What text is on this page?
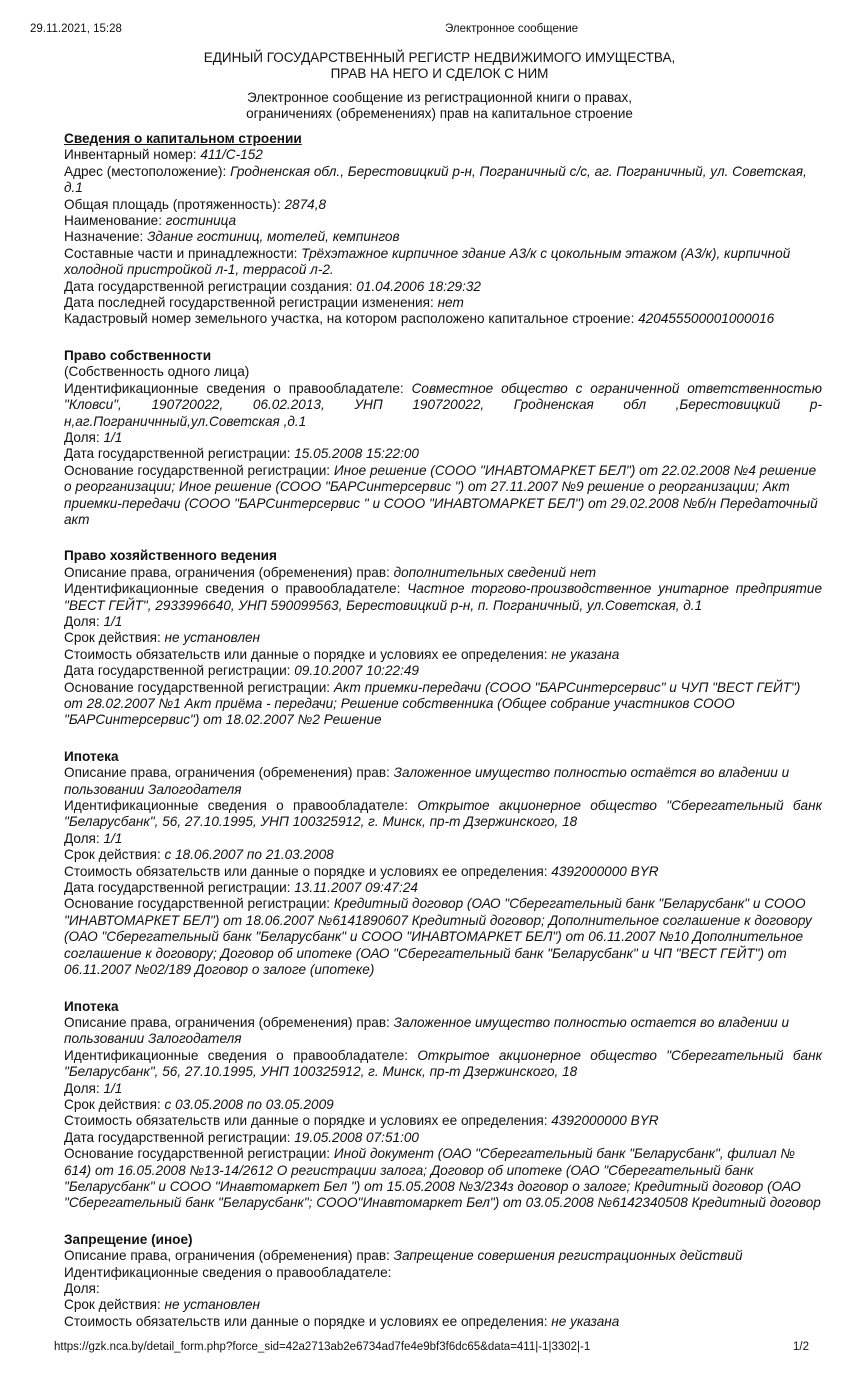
29.11.2021, 15:28	Электронное сообщение
ЕДИНЫЙ ГОСУДАРСТВЕННЫЙ РЕГИСТР НЕДВИЖИМОГО ИМУЩЕСТВА,
ПРАВ НА НЕГО И СДЕЛОК С НИМ
Электронное сообщение из регистрационной книги о правах,
ограничениях (обременениях) прав на капитальное строение
Сведения о капитальном строении
Инвентарный номер: 411/С-152
Адрес (местоположение): Гродненская обл., Берестовицкий р-н, Пограничный с/с, аг. Пограничный, ул. Советская, д.1
Общая площадь (протяженность): 2874,8
Наименование: гостиница
Назначение: Здание гостиниц, мотелей, кемпингов
Составные части и принадлежности: Трёхэтажное кирпичное здание А3/к с цокольным этажом (А3/к), кирпичной холодной пристройкой л-1, террасой л-2.
Дата государственной регистрации создания: 01.04.2006 18:29:32
Дата последней государственной регистрации изменения: нет
Кадастровый номер земельного участка, на котором расположено капитальное строение: 420455500001000016
Право собственности
(Собственность одного лица)
Идентификационные сведения о правообладателе: Совместное общество с ограниченной ответственностью "Кловси", 190720022, 06.02.2013, УНП 190720022, Гродненская обл ,Берестовицкий р-н,аг.Пограничнный,ул.Советская ,д.1
Доля: 1/1
Дата государственной регистрации: 15.05.2008 15:22:00
Основание государственной регистрации: Иное решение (СООО "ИНАВТОМАРКЕТ БЕЛ") от 22.02.2008 №4 решение о реорганизации; Иное решение (СООО "БАРСинтерсервис ") от 27.11.2007 №9 решение о реорганизации; Акт приемки-передачи (СООО "БАРСинтерсервис " и СООО "ИНАВТОМАРКЕТ БЕЛ") от 29.02.2008 №б/н Передаточный акт
Право хозяйственного ведения
Описание права, ограничения (обременения) прав: дополнительных сведений нет
Идентификационные сведения о правообладателе: Частное торгово-производственное унитарное предприятие "ВЕСТ ГЕЙТ", 2933996640, УНП 590099563, Берестовицкий р-н, п. Пограничный, ул.Советская, д.1
Доля: 1/1
Срок действия: не установлен
Стоимость обязательств или данные о порядке и условиях ее определения: не указана
Дата государственной регистрации: 09.10.2007 10:22:49
Основание государственной регистрации: Акт приемки-передачи (СООО "БАРСинтерсервис" и ЧУП "ВЕСТ ГЕЙТ") от 28.02.2007 №1 Акт приёма - передачи; Решение собственника (Общее собрание участников СООО "БАРСинтерсервис") от 18.02.2007 №2 Решение
Ипотека
Описание права, ограничения (обременения) прав: Заложенное имущество полностью остаётся во владении и пользовании Залогодателя
Идентификационные сведения о правообладателе: Открытое акционерное общество "Сберегательный банк "Беларусбанк", 56, 27.10.1995, УНП 100325912, г. Минск, пр-т Дзержинского, 18
Доля: 1/1
Срок действия: с 18.06.2007 по 21.03.2008
Стоимость обязательств или данные о порядке и условиях ее определения: 4392000000 BYR
Дата государственной регистрации: 13.11.2007 09:47:24
Основание государственной регистрации: Кредитный договор (ОАО "Сберегательный банк "Беларусбанк" и СООО "ИНАВТОМАРКЕТ БЕЛ") от 18.06.2007 №6141890607 Кредитный договор; Дополнительное соглашение к договору (ОАО "Сберегательный банк "Беларусбанк" и СООО "ИНАВТОМАРКЕТ БЕЛ") от 06.11.2007 №10 Дополнительное соглашение к договору; Договор об ипотеке (ОАО "Сберегательный банк "Беларусбанк" и ЧП "ВЕСТ ГЕЙТ") от 06.11.2007 №02/189 Договор о залоге (ипотеке)
Ипотека
Описание права, ограничения (обременения) прав: Заложенное имущество полностью остается во владении и пользовании Залогодателя
Идентификационные сведения о правообладателе: Открытое акционерное общество "Сберегательный банк "Беларусбанк", 56, 27.10.1995, УНП 100325912, г. Минск, пр-т Дзержинского, 18
Доля: 1/1
Срок действия: с 03.05.2008 по 03.05.2009
Стоимость обязательств или данные о порядке и условиях ее определения: 4392000000 BYR
Дата государственной регистрации: 19.05.2008 07:51:00
Основание государственной регистрации: Иной документ (ОАО "Сберегательный банк "Беларусбанк", филиал № 614) от 16.05.2008 №13-14/2612 О регистрации залога; Договор об ипотеке (ОАО "Сберегательный банк "Беларусбанк" и СООО "Инавтомаркет Бел ") от 15.05.2008 №3/234з договор о залоге; Кредитный договор (ОАО "Сберегательный банк "Беларусбанк"; СООО"Инавтомаркет Бел") от 03.05.2008 №6142340508 Кредитный договор
Запрещение (иное)
Описание права, ограничения (обременения) прав: Запрещение совершения регистрационных действий
Идентификационные сведения о правообладателе:
Доля:
Срок действия: не установлен
Стоимость обязательств или данные о порядке и условиях ее определения: не указана
https://gzk.nca.by/detail_form.php?force_sid=42a2713ab2e6734ad7fe4e9bf3f6dc65&data=411|-1|3302|-1	1/2
